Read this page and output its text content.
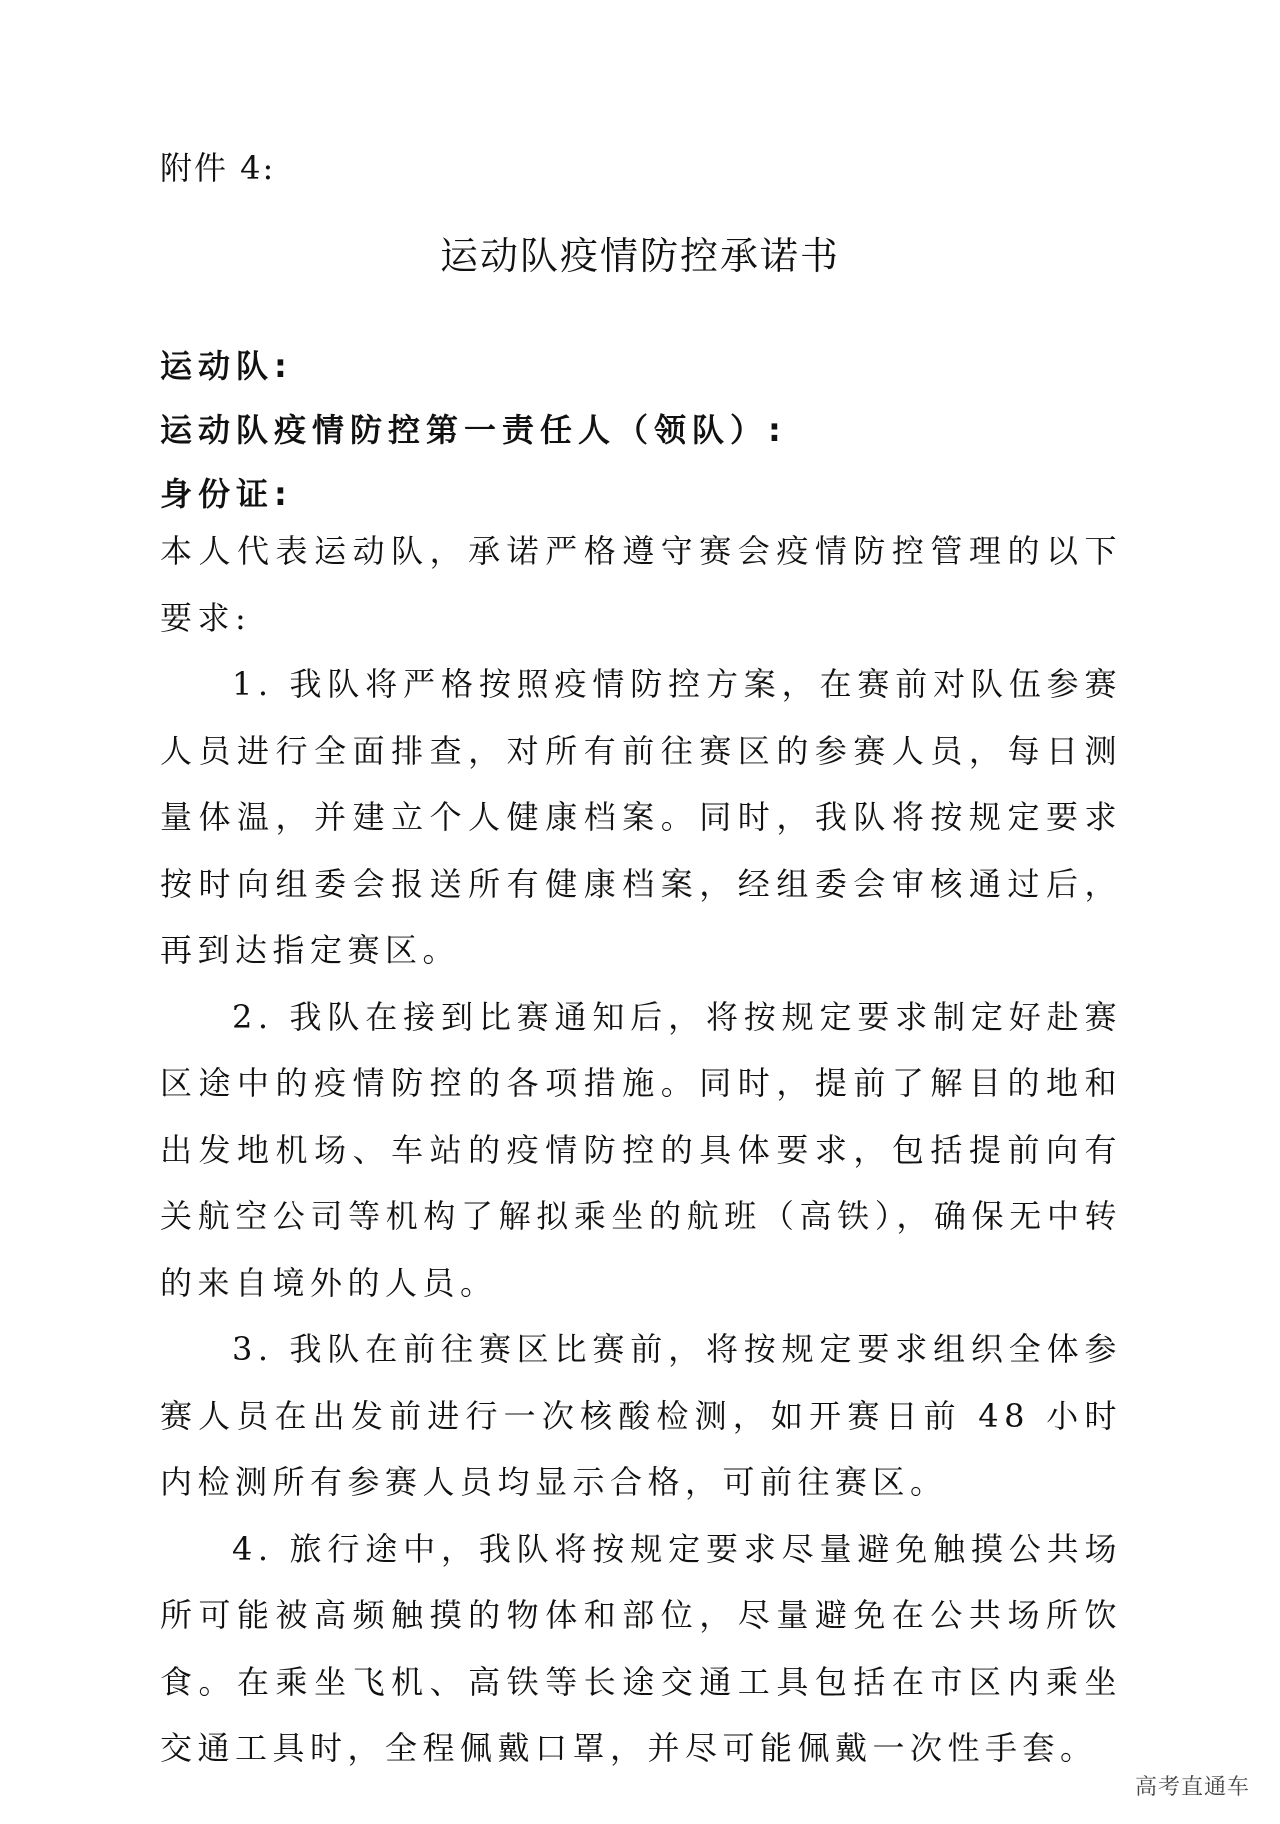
附件 4:
运动队疫情防控承诺书
运动队:
运动队疫情防控第一责任人（领队）:
身份证:

本人代表运动队，承诺严格遵守赛会疫情防控管理的以下要求:

1. 我队将严格按照疫情防控方案，在赛前对队伍参赛人员进行全面排查，对所有前往赛区的参赛人员，每日测量体温，并建立个人健康档案。同时，我队将按规定要求按时向组委会报送所有健康档案，经组委会审核通过后，再到达指定赛区。

2. 我队在接到比赛通知后，将按规定要求制定好赴赛区途中的疫情防控的各项措施。同时，提前了解目的地和出发地机场、车站的疫情防控的具体要求，包括提前向有关航空公司等机构了解拟乘坐的航班（高铁），确保无中转的来自境外的人员。

3. 我队在前往赛区比赛前，将按规定要求组织全体参赛人员在出发前进行一次核酸检测，如开赛日前 48 小时内检测所有参赛人员均显示合格，可前往赛区。

4. 旅行途中，我队将按规定要求尽量避免触摸公共场所可能被高频触摸的物体和部位，尽量避免在公共场所饮食。在乘坐飞机、高铁等长途交通工具包括在市区内乘坐交通工具时，全程佩戴口罩，并尽可能佩戴一次性手套。

高考直通车
